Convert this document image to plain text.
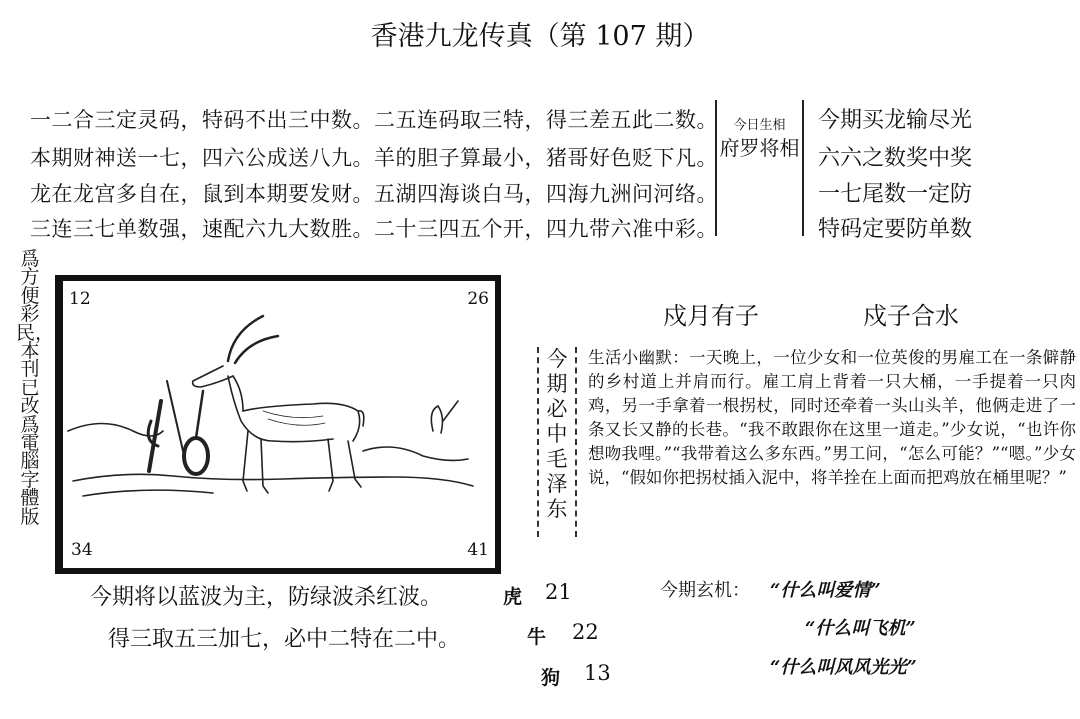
香港九龙传真（第 107 期）
一二合三定灵码，特码不出三中数。二五连码取三特，得三差五此二数。
本期财神送一七，四六公成送八九。羊的胆子算最小，猪哥好色贬下凡。
龙在龙宫多自在，鼠到本期要发财。五湖四海谈白马，四海九洲问河络。
三连三七单数强，速配六九大数胜。二十三四五个开，四九带六准中彩。
今日生相
府罗将相
今期买龙输尽光
六六之数奖中奖
一七尾数一定防
特码定要防单数
爲方便彩民，本刊已改爲電腦字體版
12	26
34	41
戍月有子	戍子合水
今期必中毛泽东
生活小幽默：一天晚上，一位少女和一位英俊的男雇工在一条僻静的乡村道上并肩而行。雇工肩上背着一只大桶，一手提着一只肉鸡，另一手拿着一根拐杖，同时还牵着一头山头羊，他俩走进了一条又长又静的长巷。“我不敢跟你在这里一道走。”少女说，“也许你想吻我哩。”“我带着这么多东西。”男工问，“怎么可能？”“嗯。”少女说，“假如你把拐杖插入泥中，将羊拴在上面而把鸡放在桶里呢？”
今期将以蓝波为主，防绿波杀红波。
得三取五三加七，必中二特在二中。
虎 21
牛 22
狗 13
今期玄机： “什么叫爱情”
“什么叫飞机”
“什么叫风风光光”
